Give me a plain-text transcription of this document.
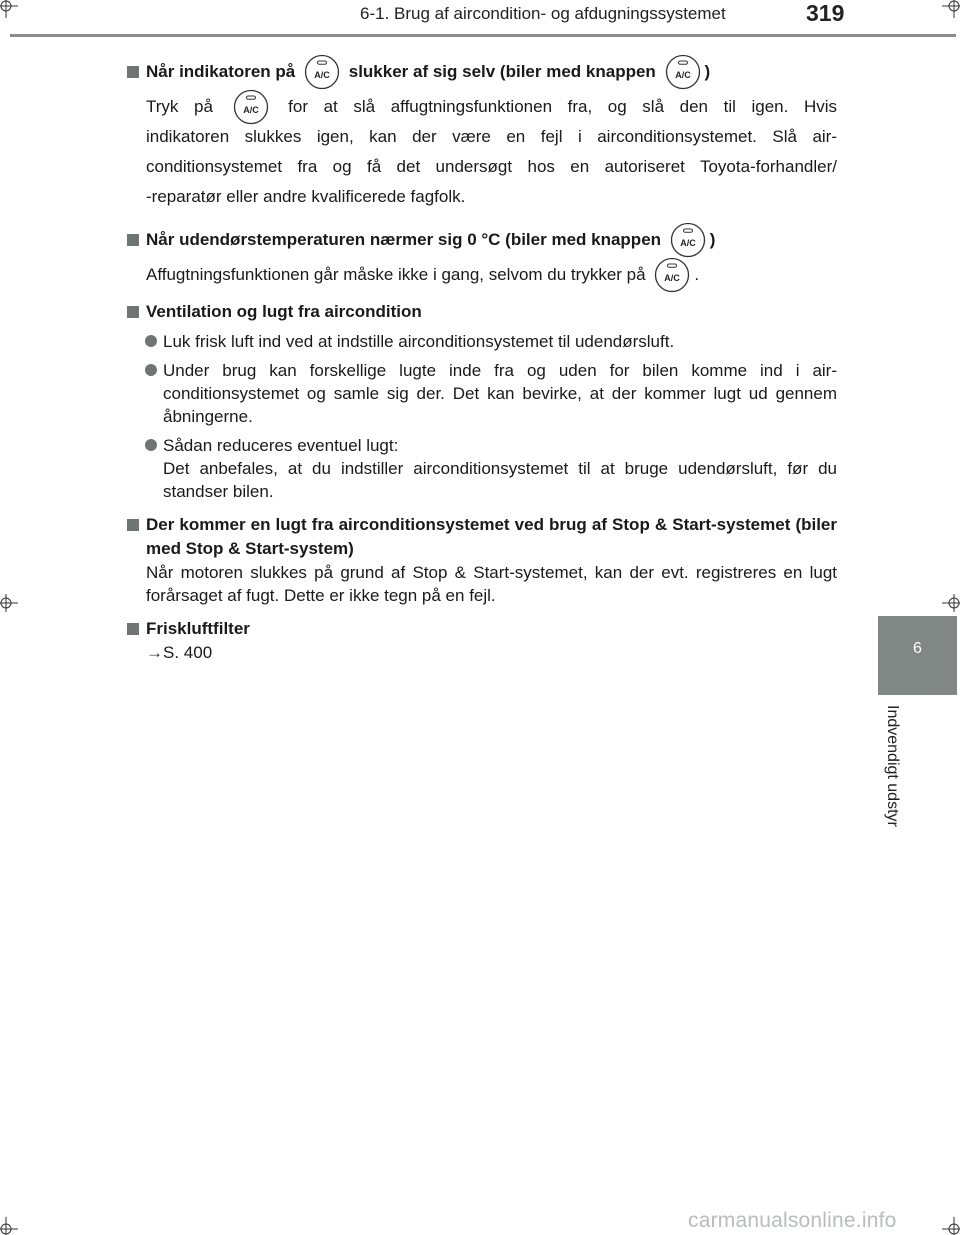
6-1. Brug af aircondition- og afdugningssystemet	319
6
Indvendigt udstyr
Når indikatoren på	slukker af sig selv (biler med knappen	)
Tryk på	for at slå affugtningsfunktionen fra, og slå den til igen. Hvis
indikatoren slukkes igen, kan der være en fejl i airconditionsystemet. Slå air-
conditionsystemet fra og få det undersøgt hos en autoriseret Toyota-forhandler/
-reparatør eller andre kvalificerede fagfolk.
Når udendørstemperaturen nærmer sig 0 °C (biler med knappen	)
Affugtningsfunktionen går måske ikke i gang, selvom du trykker på	.
Ventilation og lugt fra aircondition
Luk frisk luft ind ved at indstille airconditionsystemet til udendørsluft.
Under brug kan forskellige lugte inde fra og uden for bilen komme ind i air-conditionsystemet og samle sig der. Det kan bevirke, at der kommer lugt ud gennem åbningerne.
Sådan reduceres eventuel lugt:
Det anbefales, at du indstiller airconditionsystemet til at bruge udendørsluft, før du standser bilen.
Der kommer en lugt fra airconditionsystemet ved brug af Stop & Start-systemet (biler med Stop & Start-system)
Når motoren slukkes på grund af Stop & Start-systemet, kan der evt. registreres en lugt forårsaget af fugt. Dette er ikke tegn på en fejl.
Friskluftfilter
→S. 400
carmanualsonline.info
